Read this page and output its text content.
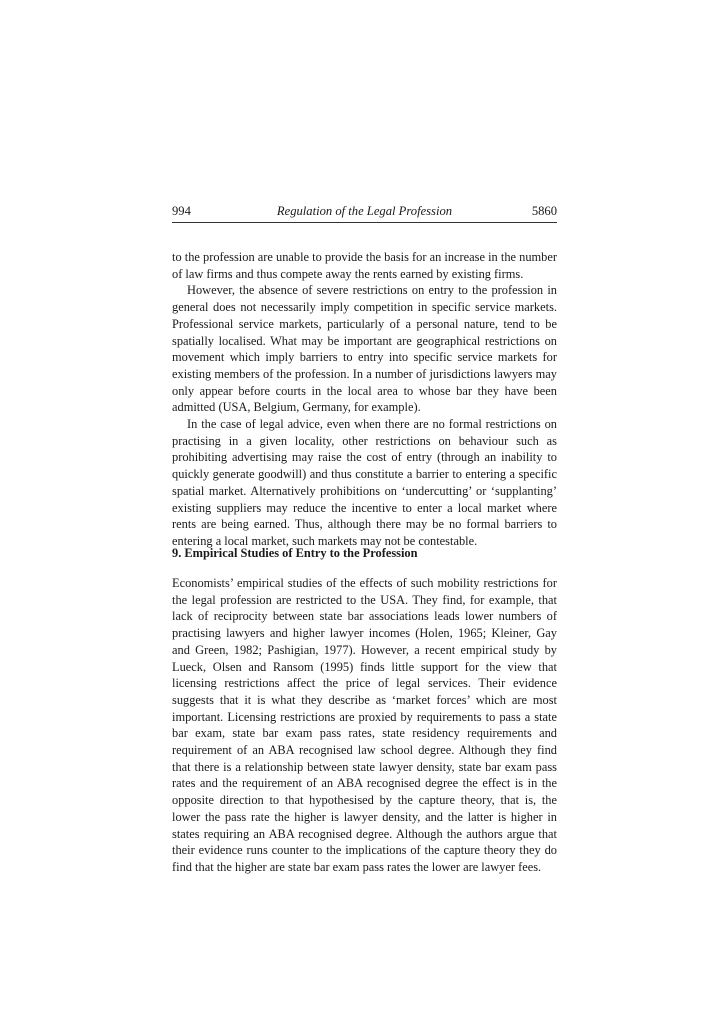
994	Regulation of the Legal Profession	5860

to the profession are unable to provide the basis for an increase in the number of law firms and thus compete away the rents earned by existing firms.

However, the absence of severe restrictions on entry to the profession in general does not necessarily imply competition in specific service markets. Professional service markets, particularly of a personal nature, tend to be spatially localised. What may be important are geographical restrictions on movement which imply barriers to entry into specific service markets for existing members of the profession. In a number of jurisdictions lawyers may only appear before courts in the local area to whose bar they have been admitted (USA, Belgium, Germany, for example).

In the case of legal advice, even when there are no formal restrictions on practising in a given locality, other restrictions on behaviour such as prohibiting advertising may raise the cost of entry (through an inability to quickly generate goodwill) and thus constitute a barrier to entering a specific spatial market. Alternatively prohibitions on ‘undercutting’ or ‘supplanting’ existing suppliers may reduce the incentive to enter a local market where rents are being earned. Thus, although there may be no formal barriers to entering a local market, such markets may not be contestable.

9. Empirical Studies of Entry to the Profession

Economists’ empirical studies of the effects of such mobility restrictions for the legal profession are restricted to the USA. They find, for example, that lack of reciprocity between state bar associations leads lower numbers of practising lawyers and higher lawyer incomes (Holen, 1965; Kleiner, Gay and Green, 1982; Pashigian, 1977). However, a recent empirical study by Lueck, Olsen and Ransom (1995) finds little support for the view that licensing restrictions affect the price of legal services. Their evidence suggests that it is what they describe as ‘market forces’ which are most important. Licensing restrictions are proxied by requirements to pass a state bar exam, state bar exam pass rates, state residency requirements and requirement of an ABA recognised law school degree. Although they find that there is a relationship between state lawyer density, state bar exam pass rates and the requirement of an ABA recognised degree the effect is in the opposite direction to that hypothesised by the capture theory, that is, the lower the pass rate the higher is lawyer density, and the latter is higher in states requiring an ABA recognised degree. Although the authors argue that their evidence runs counter to the implications of the capture theory they do find that the higher are state bar exam pass rates the lower are lawyer fees.
